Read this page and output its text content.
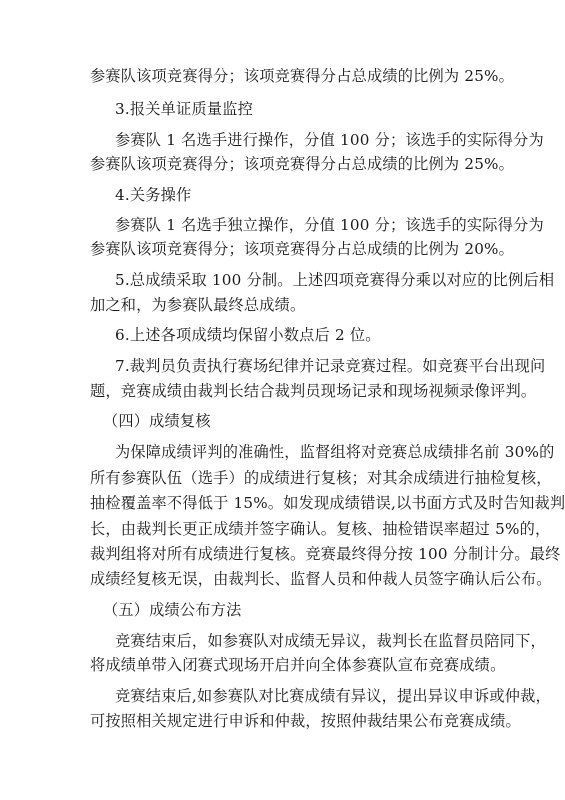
参赛队该项竞赛得分；该项竞赛得分占总成绩的比例为 25%。
3.报关单证质量监控
参赛队 1 名选手进行操作，分值 100 分；该选手的实际得分为
参赛队该项竞赛得分；该项竞赛得分占总成绩的比例为 25%。
4.关务操作
参赛队 1 名选手独立操作，分值 100 分；该选手的实际得分为
参赛队该项竞赛得分；该项竞赛得分占总成绩的比例为 20%。
5.总成绩采取 100 分制。上述四项竞赛得分乘以对应的比例后相
加之和，为参赛队最终总成绩。
6.上述各项成绩均保留小数点后 2 位。
7.裁判员负责执行赛场纪律并记录竞赛过程。如竞赛平台出现问
题，竞赛成绩由裁判长结合裁判员现场记录和现场视频录像评判。
（四）成绩复核
为保障成绩评判的准确性，监督组将对竞赛总成绩排名前 30%的
所有参赛队伍（选手）的成绩进行复核；对其余成绩进行抽检复核，
抽检覆盖率不得低于 15%。如发现成绩错误,以书面方式及时告知裁判
长，由裁判长更正成绩并签字确认。复核、抽检错误率超过 5%的，
裁判组将对所有成绩进行复核。竞赛最终得分按 100 分制计分。最终
成绩经复核无误，由裁判长、监督人员和仲裁人员签字确认后公布。
（五）成绩公布方法
竞赛结束后，如参赛队对成绩无异议，裁判长在监督员陪同下，
将成绩单带入闭赛式现场开启并向全体参赛队宣布竞赛成绩。
竞赛结束后,如参赛队对比赛成绩有异议，提出异议申诉或仲裁，
可按照相关规定进行申诉和仲裁，按照仲裁结果公布竞赛成绩。
